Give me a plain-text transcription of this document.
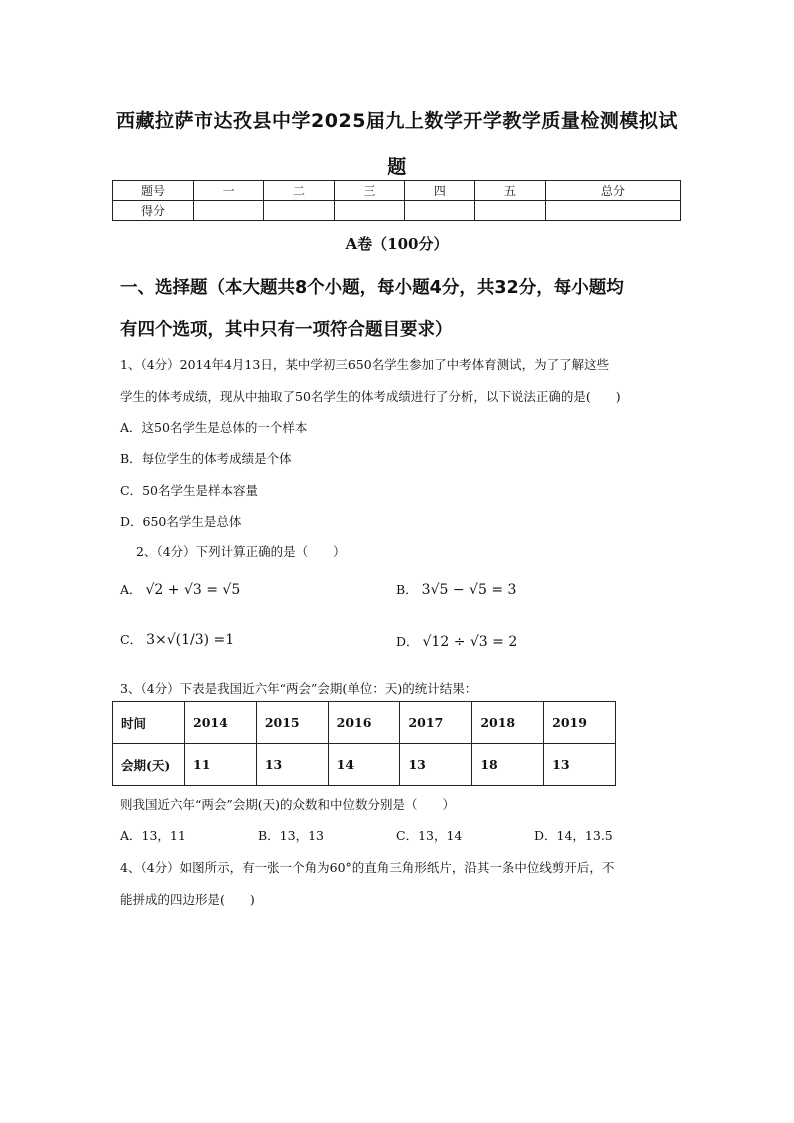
西藏拉萨市达孜县中学2025届九上数学开学教学质量检测模拟试
题
题号	一	二	三	四	五	总分
得分						
A卷（100分）
一、选择题（本大题共8个小题，每小题4分，共32分，每小题均
有四个选项，其中只有一项符合题目要求）
1、（4分）2014年4月13日，某中学初三650名学生参加了中考体育测试，为了了解这些
学生的体考成绩，现从中抽取了50名学生的体考成绩进行了分析，以下说法正确的是(　　)
A．这50名学生是总体的一个样本
B．每位学生的体考成绩是个体
C．50名学生是样本容量
D．650名学生是总体
2、（4分）下列计算正确的是（　　）
A． √2 + √3 = √5	B． 3√5 − √5 = 3
C． 3×√(1/3) =1	D． √12 ÷ √3 = 2
3、（4分）下表是我国近六年“两会”会期(单位：天)的统计结果：
时间	2014	2015	2016	2017	2018	2019
会期(天)	11	13	14	13	18	13
则我国近六年“两会”会期(天)的众数和中位数分别是（　　）
A．13，11	B．13，13	C．13，14	D．14，13.5
4、（4分）如图所示，有一张一个角为60°的直角三角形纸片，沿其一条中位线剪开后，不
能拼成的四边形是(　　)
